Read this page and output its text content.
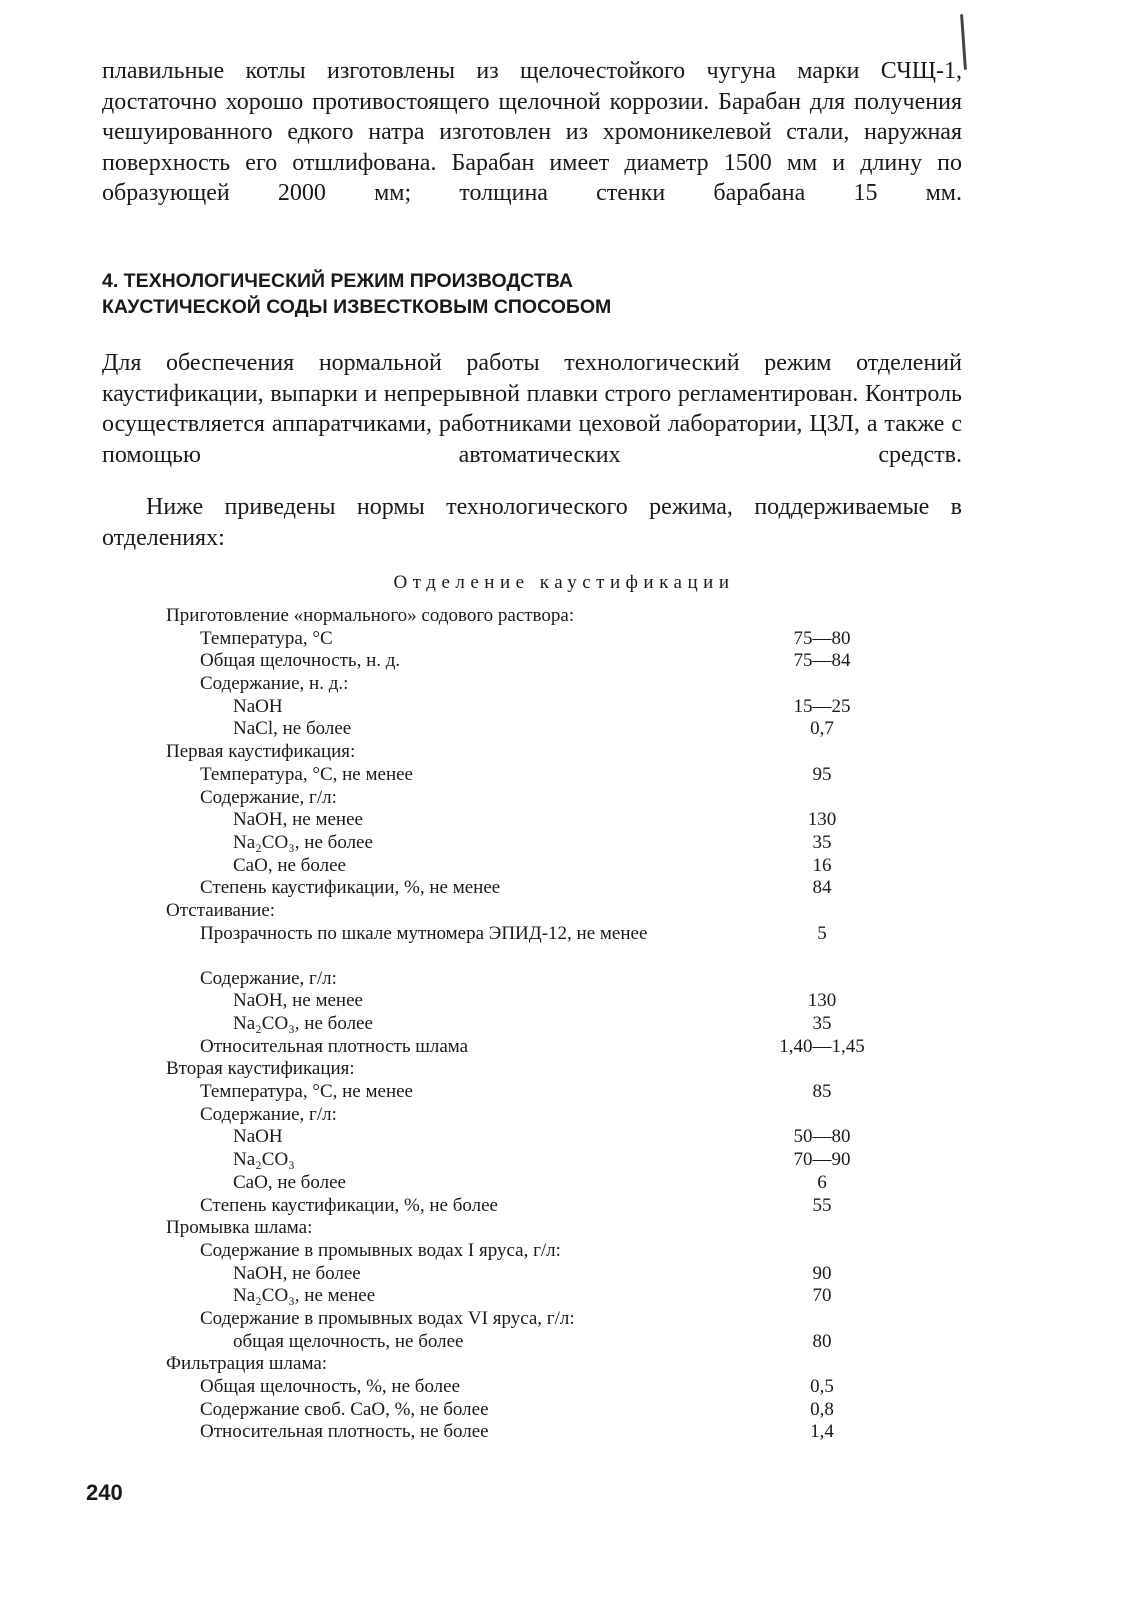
плавильные котлы изготовлены из щелочестойкого чугуна марки СЧЩ-1, достаточно хорошо противостоящего щелочной коррозии. Барабан для получения чешуированного едкого натра изготовлен из хромоникелевой стали, наружная поверхность его отшлифована. Барабан имеет диаметр 1500 мм и длину по образующей 2000 мм; толщина стенки барабана 15 мм.

4. ТЕХНОЛОГИЧЕСКИЙ РЕЖИМ ПРОИЗВОДСТВА
КАУСТИЧЕСКОЙ СОДЫ ИЗВЕСТКОВЫМ СПОСОБОМ

Для обеспечения нормальной работы технологический режим отделений каустификации, выпарки и непрерывной плавки строго регламентирован. Контроль осуществляется аппаратчиками, работниками цеховой лаборатории, ЦЗЛ, а также с помощью автоматических средств.

Ниже приведены нормы технологического режима, поддерживаемые в отделениях:

Отделение каустификации
Приготовление «нормального» содового раствора:
Температура, °С	75—80
Общая щелочность, н. д.	75—84
Содержание, н. д.:
NaOH	15—25
NaCl, не более	0,7
Первая каустификация:
Температура, °С, не менее	95
Содержание, г/л:
NaOH, не менее	130
Na₂CO₃, не более	35
CaO, не более	16
Степень каустификации, %, не менее	84
Отстаивание:
Прозрачность по шкале мутномера ЭПИД-12, не менее	5
Содержание, г/л:
NaOH, не менее	130
Na₂CO₃, не более	35
Относительная плотность шлама	1,40—1,45
Вторая каустификация:
Температура, °С, не менее	85
Содержание, г/л:
NaOH	50—80
Na₂CO₃	70—90
CaO, не более	6
Степень каустификации, %, не более	55
Промывка шлама:
Содержание в промывных водах I яруса, г/л:
NaOH, не более	90
Na₂CO₃, не менее	70
Содержание в промывных водах VI яруса, г/л:
общая щелочность, не более	80
Фильтрация шлама:
Общая щелочность, %, не более	0,5
Содержание своб. CaO, %, не более	0,8
Относительная плотность, не более	1,4
240
